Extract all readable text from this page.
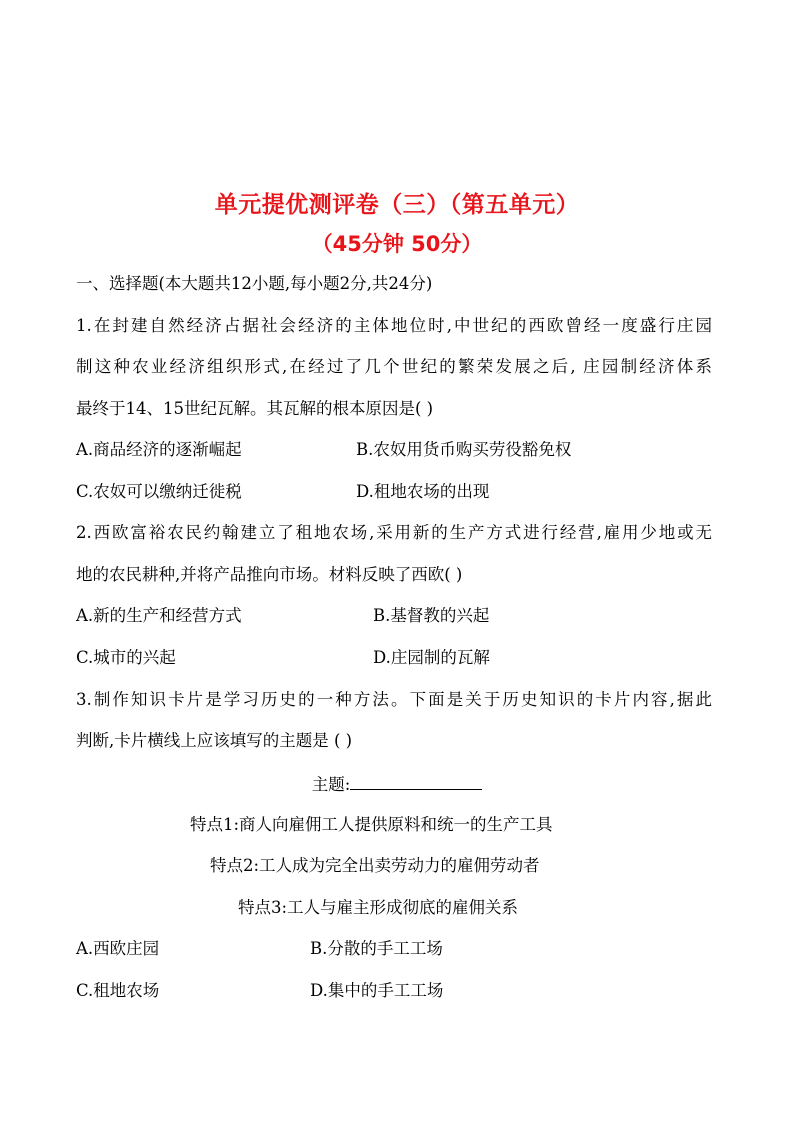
单元提优测评卷（三）（第五单元）
（45分钟 50分）
一、选择题(本大题共12小题,每小题2分,共24分)
1.在封建自然经济占据社会经济的主体地位时,中世纪的西欧曾经一度盛行庄园
制这种农业经济组织形式,在经过了几个世纪的繁荣发展之后, 庄园制经济体系
最终于14、15世纪瓦解。其瓦解的根本原因是( )
A.商品经济的逐渐崛起	B.农奴用货币购买劳役豁免权
C.农奴可以缴纳迁徙税	D.租地农场的出现
2.西欧富裕农民约翰建立了租地农场,采用新的生产方式进行经营,雇用少地或无
地的农民耕种,并将产品推向市场。材料反映了西欧( )
A.新的生产和经营方式	B.基督教的兴起
C.城市的兴起	D.庄园制的瓦解
3.制作知识卡片是学习历史的一种方法。下面是关于历史知识的卡片内容,据此
判断,卡片横线上应该填写的主题是 ( )
主题:
特点1:商人向雇佣工人提供原料和统一的生产工具
特点2:工人成为完全出卖劳动力的雇佣劳动者
特点3:工人与雇主形成彻底的雇佣关系
A.西欧庄园	B.分散的手工工场
C.租地农场	D.集中的手工工场
